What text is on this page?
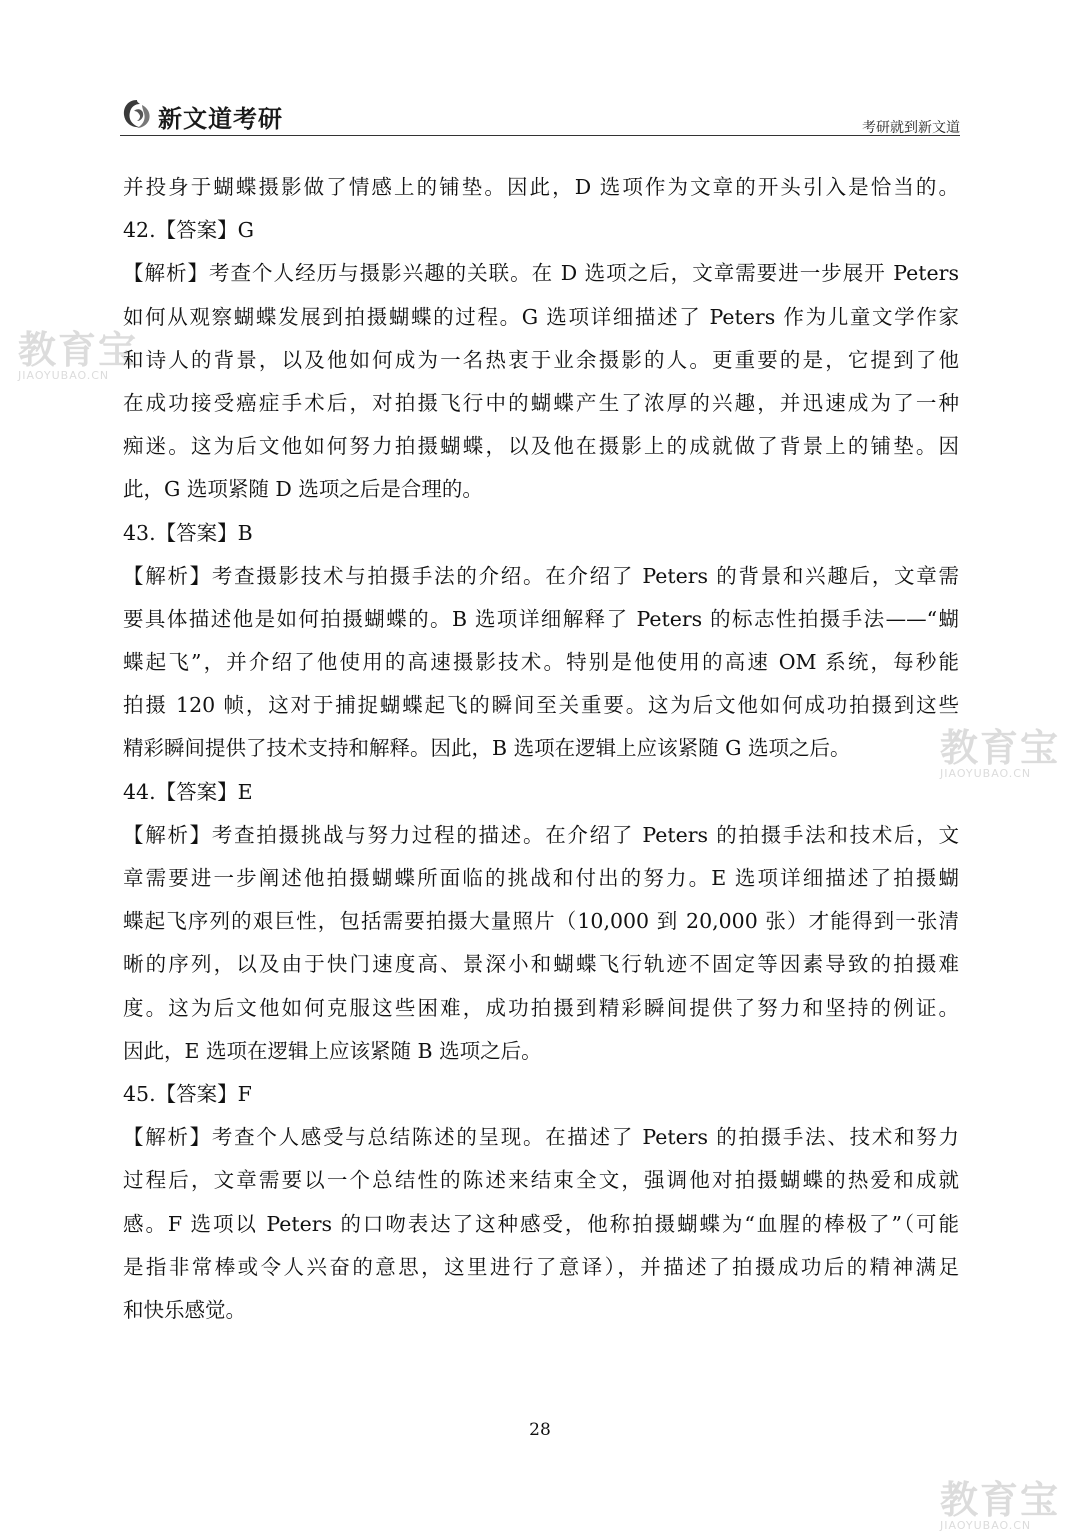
教育宝
JIAOYUBAO.CN
教育宝
JIAOYUBAO.CN
教育宝
JIAOYUBAO.CN
新文道考研	考研就到新文道
并投身于蝴蝶摄影做了情感上的铺垫。因此，D 选项作为文章的开头引入是恰当的。
42.【答案】G
【解析】考查个人经历与摄影兴趣的关联。在 D 选项之后，文章需要进一步展开 Peters
如何从观察蝴蝶发展到拍摄蝴蝶的过程。G 选项详细描述了 Peters 作为儿童文学作家
和诗人的背景，以及他如何成为一名热衷于业余摄影的人。更重要的是，它提到了他
在成功接受癌症手术后，对拍摄飞行中的蝴蝶产生了浓厚的兴趣，并迅速成为了一种
痴迷。这为后文他如何努力拍摄蝴蝶，以及他在摄影上的成就做了背景上的铺垫。因
此，G 选项紧随 D 选项之后是合理的。
43.【答案】B
【解析】考查摄影技术与拍摄手法的介绍。在介绍了 Peters 的背景和兴趣后，文章需
要具体描述他是如何拍摄蝴蝶的。B 选项详细解释了 Peters 的标志性拍摄手法——“蝴
蝶起飞”，并介绍了他使用的高速摄影技术。特别是他使用的高速 OM 系统，每秒能
拍摄 120 帧，这对于捕捉蝴蝶起飞的瞬间至关重要。这为后文他如何成功拍摄到这些
精彩瞬间提供了技术支持和解释。因此，B 选项在逻辑上应该紧随 G 选项之后。
44.【答案】E
【解析】考查拍摄挑战与努力过程的描述。在介绍了 Peters 的拍摄手法和技术后，文
章需要进一步阐述他拍摄蝴蝶所面临的挑战和付出的努力。E 选项详细描述了拍摄蝴
蝶起飞序列的艰巨性，包括需要拍摄大量照片（10,000 到 20,000 张）才能得到一张清
晰的序列，以及由于快门速度高、景深小和蝴蝶飞行轨迹不固定等因素导致的拍摄难
度。这为后文他如何克服这些困难，成功拍摄到精彩瞬间提供了努力和坚持的例证。
因此，E 选项在逻辑上应该紧随 B 选项之后。
45.【答案】F
【解析】考查个人感受与总结陈述的呈现。在描述了 Peters 的拍摄手法、技术和努力
过程后，文章需要以一个总结性的陈述来结束全文，强调他对拍摄蝴蝶的热爱和成就
感。F 选项以 Peters 的口吻表达了这种感受，他称拍摄蝴蝶为“血腥的棒极了”（可能
是指非常棒或令人兴奋的意思，这里进行了意译），并描述了拍摄成功后的精神满足
和快乐感觉。
28
